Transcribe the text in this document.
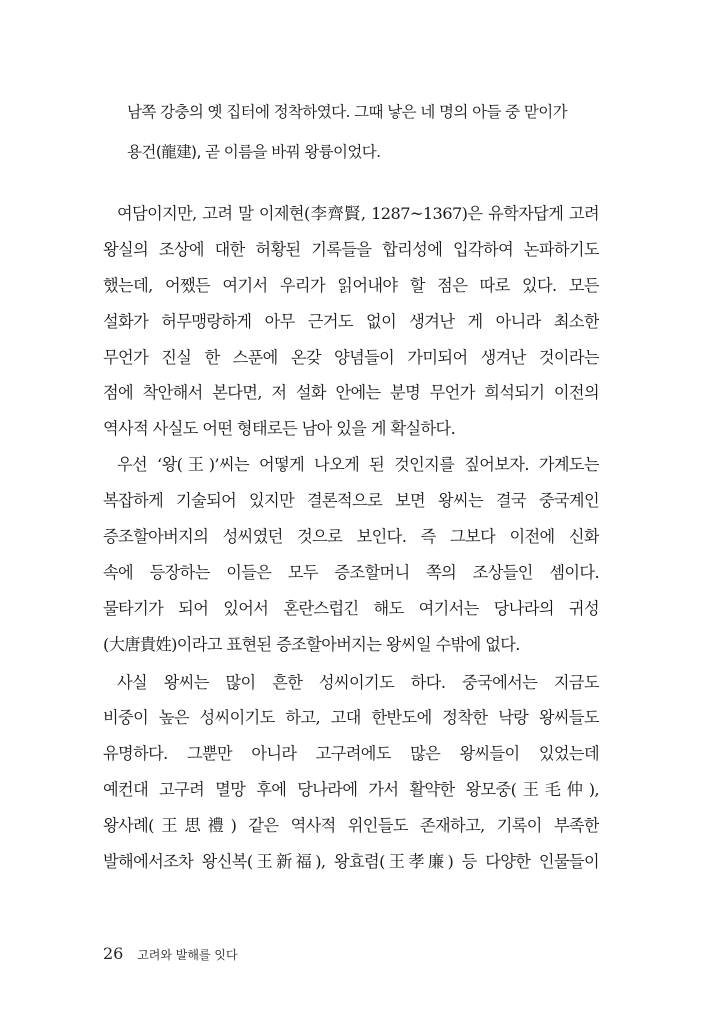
남쪽 강충의 옛 집터에 정착하였다. 그때 낳은 네 명의 아들 중 맏이가
용건(龍建), 곧 이름을 바꿔 왕륭이었다.
여담이지만, 고려 말 이제현(李齊賢, 1287~1367)은 유학자답게 고려
왕실의 조상에 대한 허황된 기록들을 합리성에 입각하여 논파하기도
했는데, 어쨌든 여기서 우리가 읽어내야 할 점은 따로 있다. 모든
설화가 허무맹랑하게 아무 근거도 없이 생겨난 게 아니라 최소한
무언가 진실 한 스푼에 온갖 양념들이 가미되어 생겨난 것이라는
점에 착안해서 본다면, 저 설화 안에는 분명 무언가 희석되기 이전의
역사적 사실도 어떤 형태로든 남아 있을 게 확실하다.
우선 ‘왕(王)’씨는 어떻게 나오게 된 것인지를 짚어보자. 가계도는
복잡하게 기술되어 있지만 결론적으로 보면 왕씨는 결국 중국계인
증조할아버지의 성씨였던 것으로 보인다. 즉 그보다 이전에 신화
속에 등장하는 이들은 모두 증조할머니 쪽의 조상들인 셈이다.
물타기가 되어 있어서 혼란스럽긴 해도 여기서는 당나라의 귀성
(大唐貴姓)이라고 표현된 증조할아버지는 왕씨일 수밖에 없다.
사실 왕씨는 많이 흔한 성씨이기도 하다. 중국에서는 지금도
비중이 높은 성씨이기도 하고, 고대 한반도에 정착한 낙랑 왕씨들도
유명하다. 그뿐만 아니라 고구려에도 많은 왕씨들이 있었는데
예컨대 고구려 멸망 후에 당나라에 가서 활약한 왕모중(王毛仲),
왕사례(王思禮) 같은 역사적 위인들도 존재하고, 기록이 부족한
발해에서조차 왕신복(王新福), 왕효렴(王孝廉) 등 다양한 인물들이
26 고려와 발해를 잇다
